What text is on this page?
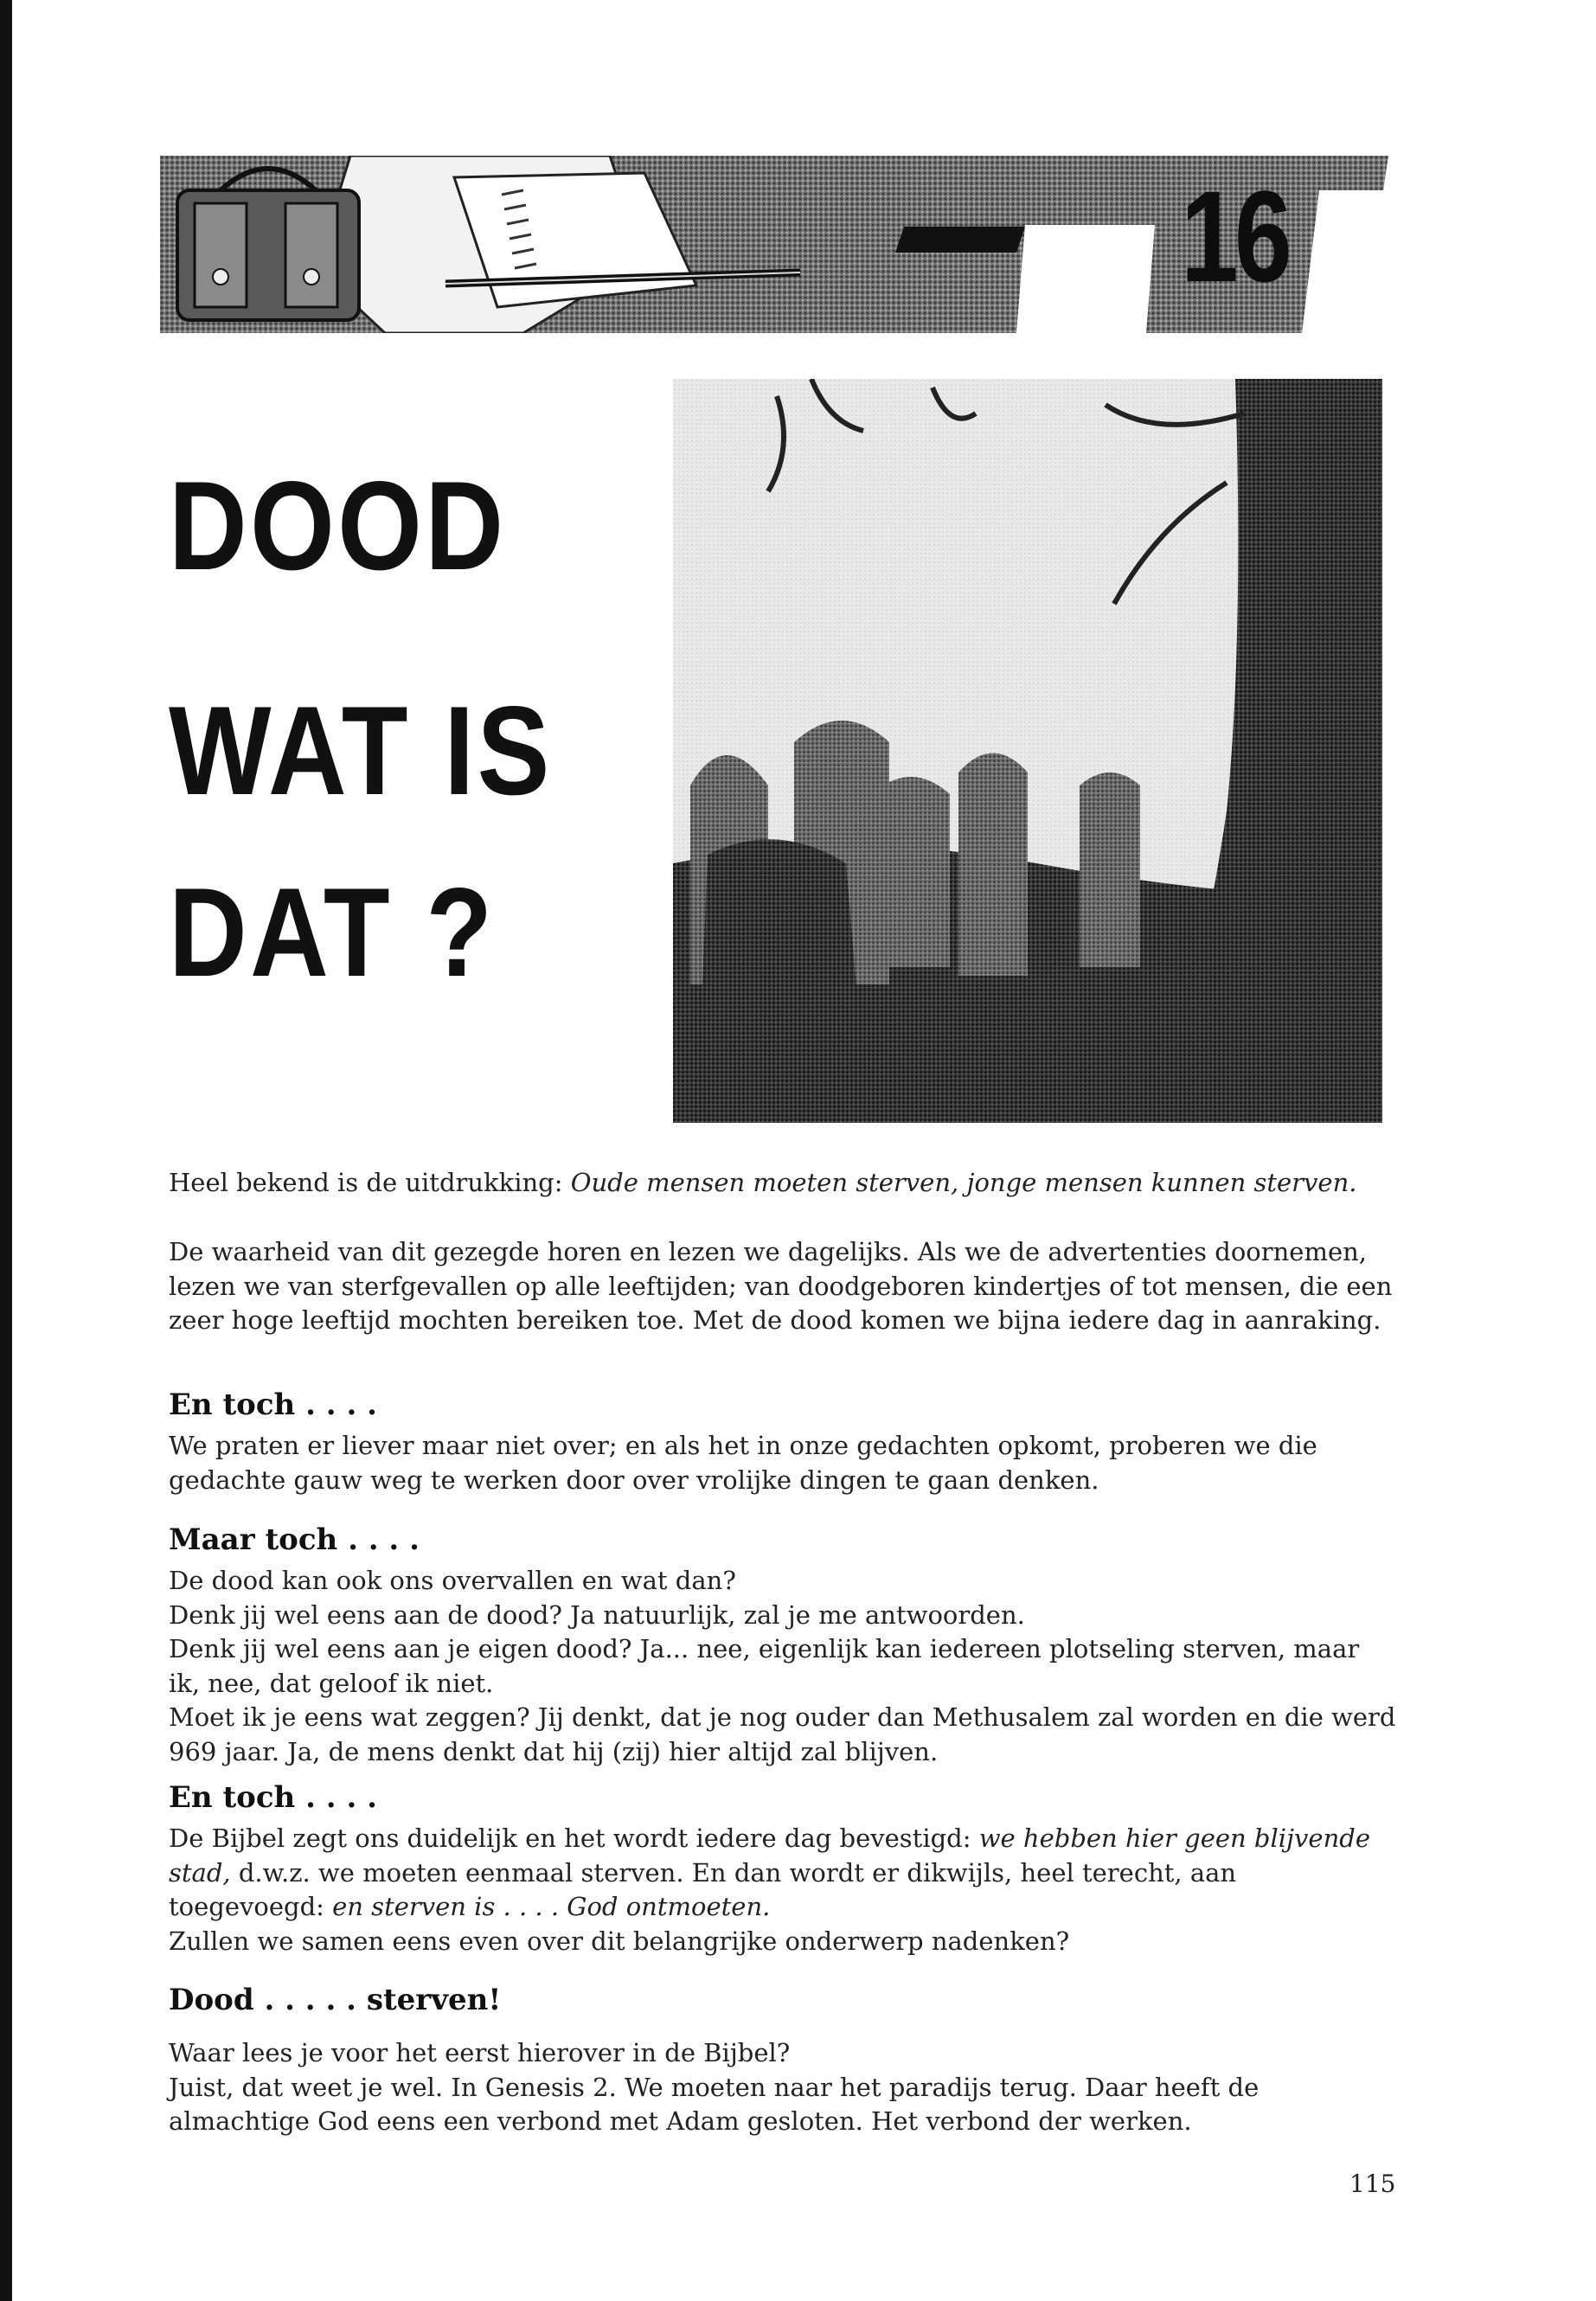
16
DOOD
WAT IS
DAT ?
Heel bekend is de uitdrukking: Oude mensen moeten sterven, jonge mensen kunnen sterven.
De waarheid van dit gezegde horen en lezen we dagelijks. Als we de advertenties doornemen, lezen we van sterfgevallen op alle leeftijden; van doodgeboren kindertjes of tot mensen, die een zeer hoge leeftijd mochten bereiken toe. Met de dood komen we bijna iedere dag in aanraking.
En toch . . . .
We praten er liever maar niet over; en als het in onze gedachten opkomt, proberen we die gedachte gauw weg te werken door over vrolijke dingen te gaan denken.
Maar toch . . . .
De dood kan ook ons overvallen en wat dan?
Denk jij wel eens aan de dood? Ja natuurlijk, zal je me antwoorden.
Denk jij wel eens aan je eigen dood? Ja... nee, eigenlijk kan iedereen plotseling sterven, maar ik, nee, dat geloof ik niet.
Moet ik je eens wat zeggen? Jij denkt, dat je nog ouder dan Methusalem zal worden en die werd 969 jaar. Ja, de mens denkt dat hij (zij) hier altijd zal blijven.
En toch . . . .
De Bijbel zegt ons duidelijk en het wordt iedere dag bevestigd: we hebben hier geen blijvende stad, d.w.z. we moeten eenmaal sterven. En dan wordt er dikwijls, heel terecht, aan toegevoegd: en sterven is . . . . God ontmoeten.
Zullen we samen eens even over dit belangrijke onderwerp nadenken?
Dood . . . . . sterven!
Waar lees je voor het eerst hierover in de Bijbel?
Juist, dat weet je wel. In Genesis 2. We moeten naar het paradijs terug. Daar heeft de almachtige God eens een verbond met Adam gesloten. Het verbond der werken.
115
